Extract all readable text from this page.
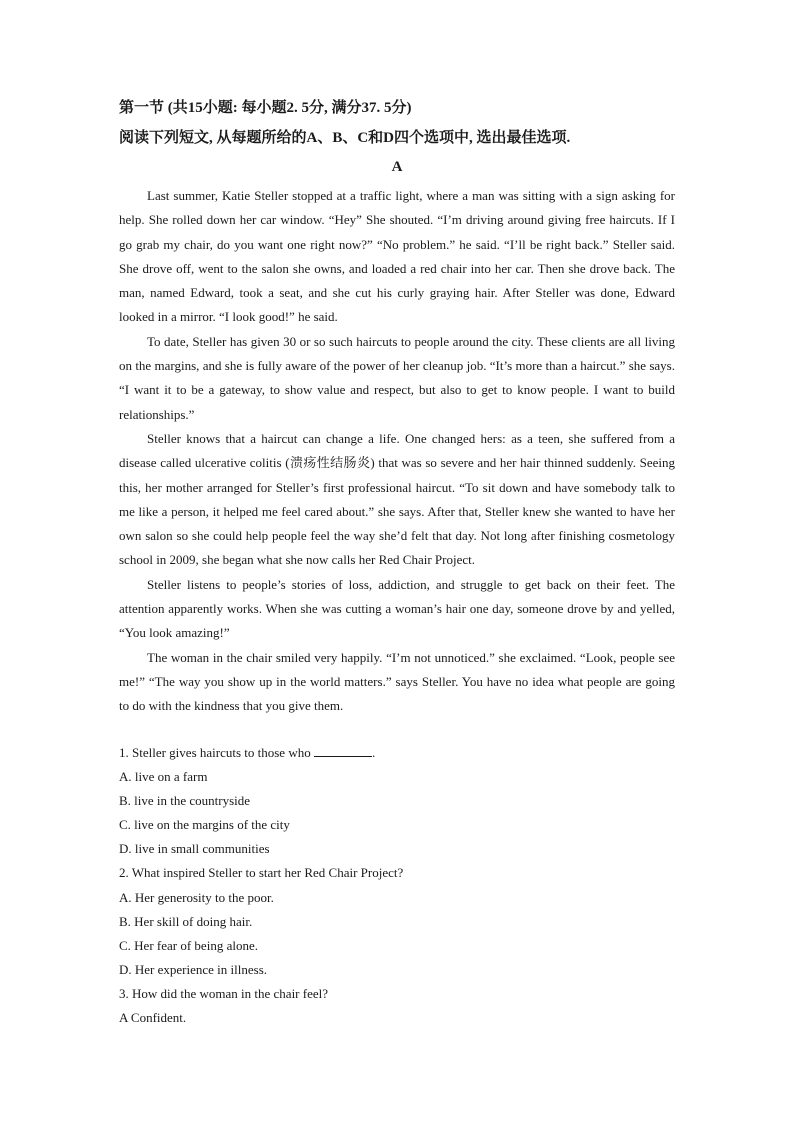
第一节 (共15小题: 每小题2. 5分, 满分37. 5分)
阅读下列短文, 从每题所给的A、B、C和D四个选项中, 选出最佳选项.
A

Last summer, Katie Steller stopped at a traffic light, where a man was sitting with a sign asking for help. She rolled down her car window. “Hey” She shouted. “I’m driving around giving free haircuts. If I go grab my chair, do you want one right now?” “No problem.” he said. “I’ll be right back.” Steller said. She drove off, went to the salon she owns, and loaded a red chair into her car. Then she drove back. The man, named Edward, took a seat, and she cut his curly graying hair. After Steller was done, Edward looked in a mirror. “I look good!” he said.

To date, Steller has given 30 or so such haircuts to people around the city. These clients are all living on the margins, and she is fully aware of the power of her cleanup job. “It’s more than a haircut.” she says. “I want it to be a gateway, to show value and respect, but also to get to know people. I want to build relationships.”

Steller knows that a haircut can change a life. One changed hers: as a teen, she suffered from a disease called ulcerative colitis (溃疡性结肠炎) that was so severe and her hair thinned suddenly. Seeing this, her mother arranged for Steller’s first professional haircut. “To sit down and have somebody talk to me like a person, it helped me feel cared about.” she says. After that, Steller knew she wanted to have her own salon so she could help people feel the way she’d felt that day. Not long after finishing cosmetology school in 2009, she began what she now calls her Red Chair Project.

Steller listens to people’s stories of loss, addiction, and struggle to get back on their feet. The attention apparently works. When she was cutting a woman’s hair one day, someone drove by and yelled, “You look amazing!”

The woman in the chair smiled very happily. “I’m not unnoticed.” she exclaimed. “Look, people see me!” “The way you show up in the world matters.” says Steller. You have no idea what people are going to do with the kindness that you give them.

1. Steller gives haircuts to those who	.
A. live on a farm
B. live in the countryside
C. live on the margins of the city
D. live in small communities
2. What inspired Steller to start her Red Chair Project?
A. Her generosity to the poor.
B. Her skill of doing hair.
C. Her fear of being alone.
D. Her experience in illness.
3. How did the woman in the chair feel?
A Confident.
